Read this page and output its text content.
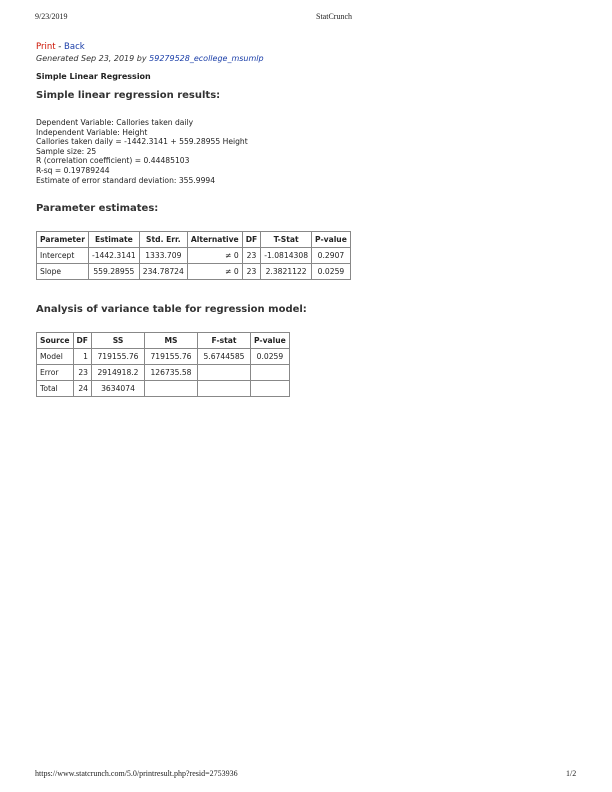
9/23/2019	StatCrunch
Print - Back
Generated Sep 23, 2019 by 59279528_ecollege_msumlp
Simple Linear Regression
Simple linear regression results:
Dependent Variable: Callories taken daily
Independent Variable: Height
Callories taken daily = -1442.3141 + 559.28955 Height
Sample size: 25
R (correlation coefficient) = 0.44485103
R-sq = 0.19789244
Estimate of error standard deviation: 355.9994
Parameter estimates:
Parameter	Estimate	Std. Err.	Alternative	DF	T-Stat	P-value
Intercept	-1442.3141	1333.709	≠ 0	23	-1.0814308	0.2907
Slope	559.28955	234.78724	≠ 0	23	2.3821122	0.0259
Analysis of variance table for regression model:
Source	DF	SS	MS	F-stat	P-value
Model	1	719155.76	719155.76	5.6744585	0.0259
Error	23	2914918.2	126735.58		
Total	24	3634074			
https://www.statcrunch.com/5.0/printresult.php?resid=2753936	1/2
